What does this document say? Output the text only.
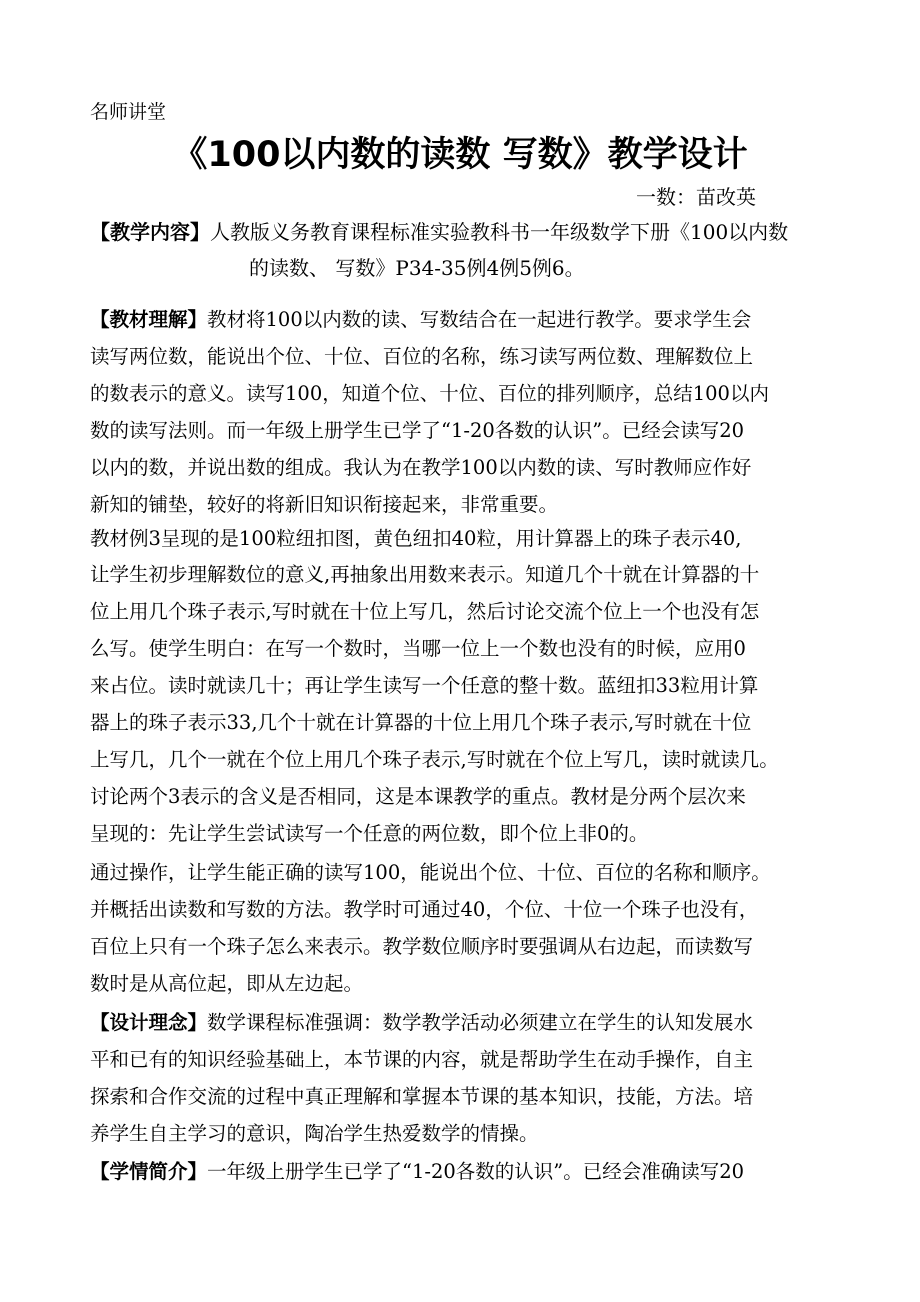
名师讲堂
《100以内数的读数 写数》教学设计
一数：苗改英
【教学内容】人教版义务教育课程标准实验教科书一年级数学下册《100以内数
的读数、 写数》P34-35例4例5例6。
【教材理解】教材将100以内数的读、写数结合在一起进行教学。要求学生会
读写两位数，能说出个位、十位、百位的名称，练习读写两位数、理解数位上
的数表示的意义。读写100，知道个位、十位、百位的排列顺序，总结100以内
数的读写法则。而一年级上册学生已学了“1-20各数的认识”。已经会读写20
以内的数，并说出数的组成。我认为在教学100以内数的读、写时教师应作好
新知的铺垫，较好的将新旧知识衔接起来，非常重要。
教材例3呈现的是100粒纽扣图，黄色纽扣40粒，用计算器上的珠子表示40,
让学生初步理解数位的意义,再抽象出用数来表示。知道几个十就在计算器的十
位上用几个珠子表示,写时就在十位上写几，然后讨论交流个位上一个也没有怎
么写。使学生明白：在写一个数时，当哪一位上一个数也没有的时候，应用0
来占位。读时就读几十；再让学生读写一个任意的整十数。蓝纽扣33粒用计算
器上的珠子表示33,几个十就在计算器的十位上用几个珠子表示,写时就在十位
上写几，几个一就在个位上用几个珠子表示,写时就在个位上写几，读时就读几。
讨论两个3表示的含义是否相同，这是本课教学的重点。教材是分两个层次来
呈现的：先让学生尝试读写一个任意的两位数，即个位上非0的。
通过操作，让学生能正确的读写100，能说出个位、十位、百位的名称和顺序。
并概括出读数和写数的方法。教学时可通过40，个位、十位一个珠子也没有，
百位上只有一个珠子怎么来表示。教学数位顺序时要强调从右边起，而读数写
数时是从高位起，即从左边起。
【设计理念】数学课程标准强调：数学教学活动必须建立在学生的认知发展水
平和已有的知识经验基础上，本节课的内容，就是帮助学生在动手操作，自主
探索和合作交流的过程中真正理解和掌握本节课的基本知识，技能，方法。培
养学生自主学习的意识，陶冶学生热爱数学的情操。
【学情简介】一年级上册学生已学了“1-20各数的认识”。已经会准确读写20
